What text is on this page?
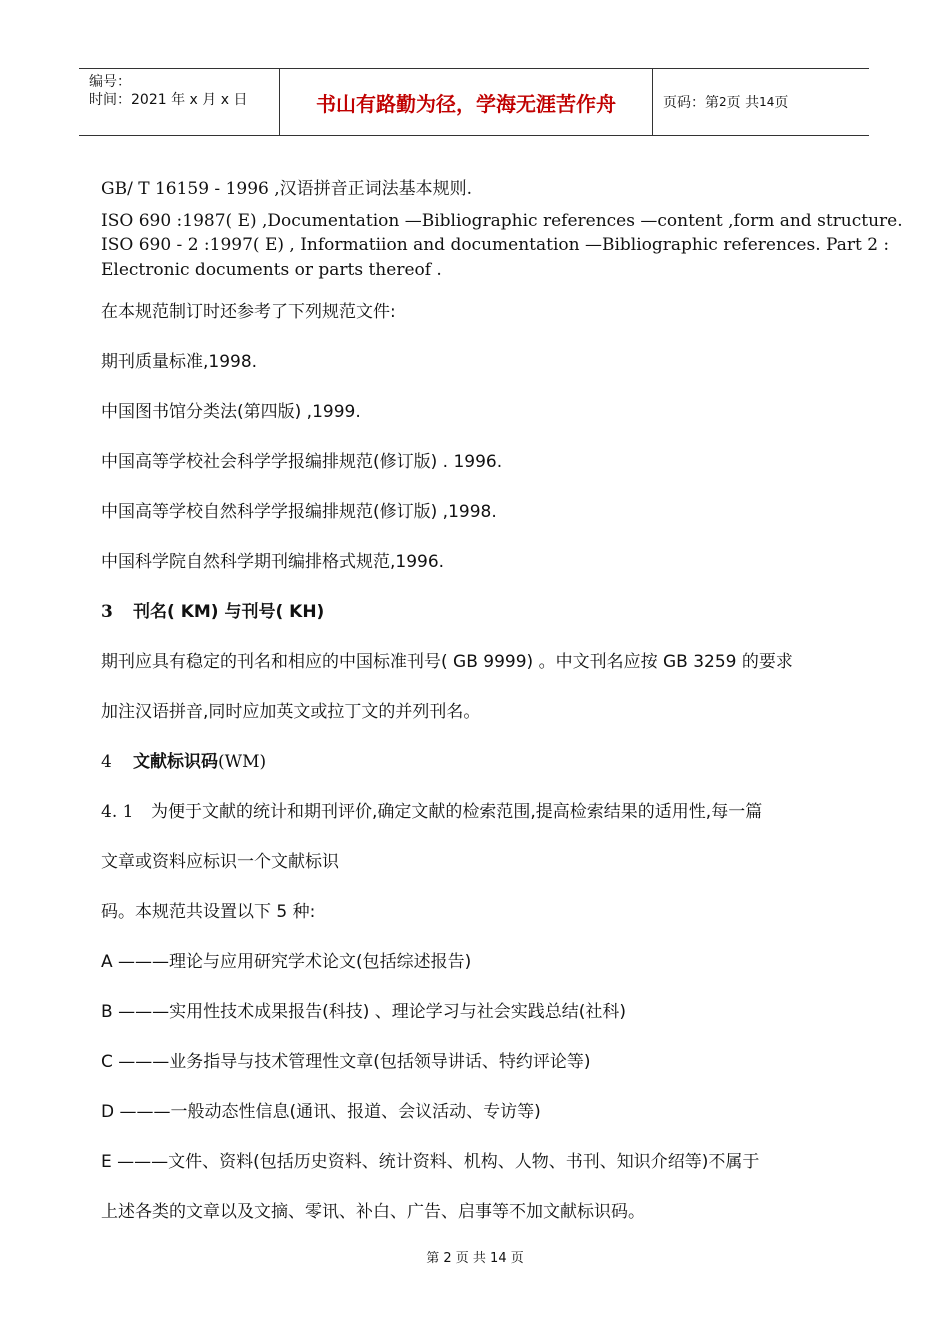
编号：
时间：2021 年 x 月 x 日	书山有路勤为径，学海无涯苦作舟	页码：第 2 页 共 14 页
GB/ T 16159 - 1996 ,汉语拼音正词法基本规则.
ISO 690 :1987( E) ,Documentation —Bibliographic references —content ,form and structure.
ISO 690 - 2 :1997( E) , Informatiion and documentation —Bibliographic references. Part 2 :
Electronic documents or parts thereof .
在本规范制订时还参考了下列规范文件:
期刊质量标准,1998.
中国图书馆分类法(第四版) ,1999.
中国高等学校社会科学学报编排规范(修订版) . 1996.
中国高等学校自然科学学报编排规范(修订版) ,1998.
中国科学院自然科学期刊编排格式规范,1996.
3 刊名( KM) 与刊号( KH)
期刊应具有稳定的刊名和相应的中国标准刊号( GB 9999) 。中文刊名应按 GB 3259 的要求
加注汉语拼音,同时应加英文或拉丁文的并列刊名。
4 文献标识码(WM)
4. 1 为便于文献的统计和期刊评价,确定文献的检索范围,提高检索结果的适用性,每一篇
文章或资料应标识一个文献标识
码。本规范共设置以下 5 种:
A ———理论与应用研究学术论文(包括综述报告)
B ———实用性技术成果报告(科技) 、理论学习与社会实践总结(社科)
C ———业务指导与技术管理性文章(包括领导讲话、特约评论等)
D ———一般动态性信息(通讯、报道、会议活动、专访等)
E ———文件、资料(包括历史资料、统计资料、机构、人物、书刊、知识介绍等)不属于
上述各类的文章以及文摘、零讯、补白、广告、启事等不加文献标识码。
第 2 页 共 14 页
